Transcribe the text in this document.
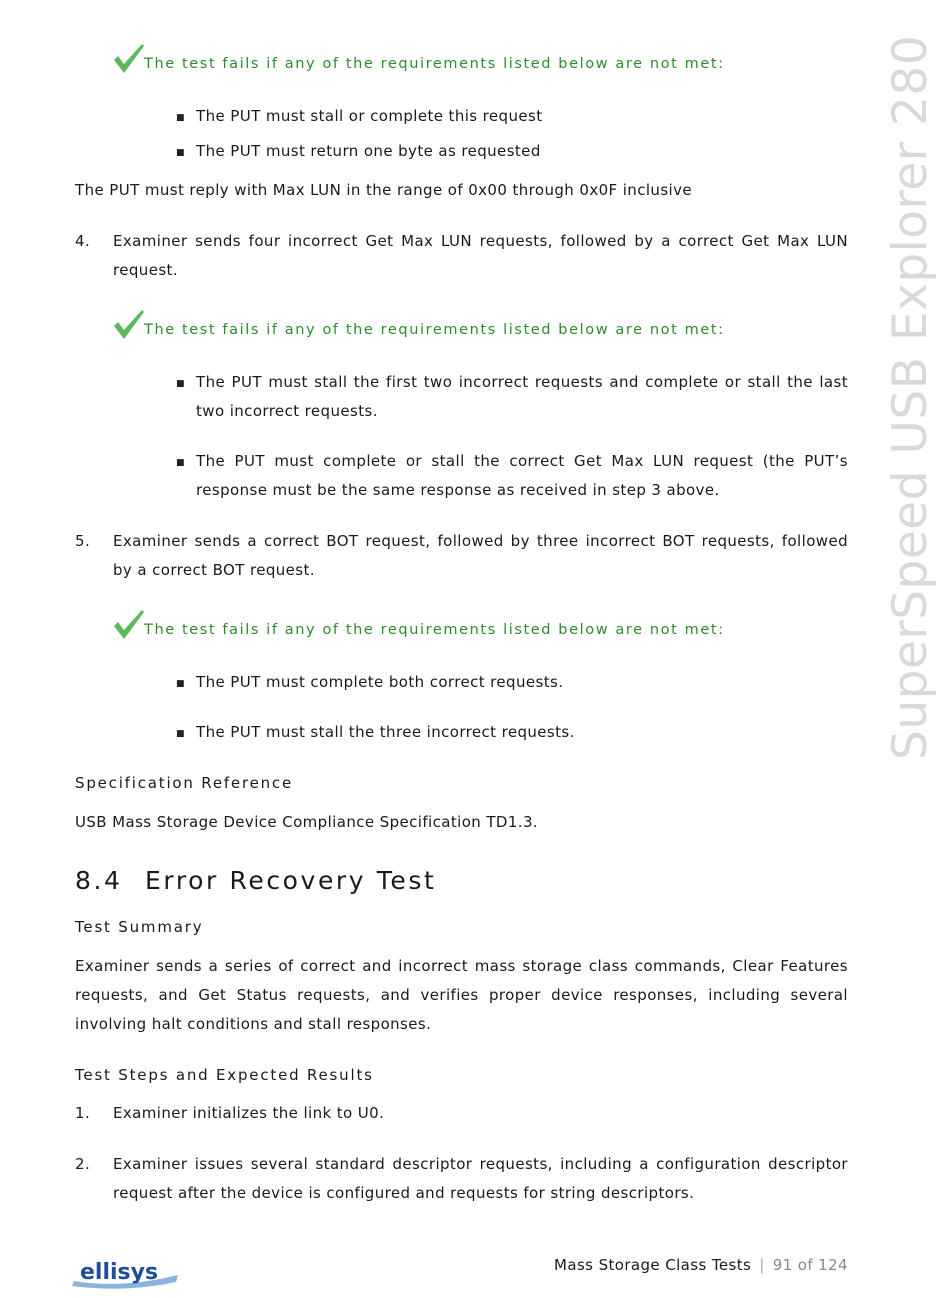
SuperSpeed USB Explorer 280
The test fails if any of the requirements listed below are not met:
■ The PUT must stall or complete this request
■ The PUT must return one byte as requested
The PUT must reply with Max LUN in the range of 0x00 through 0x0F inclusive
4. Examiner sends four incorrect Get Max LUN requests, followed by a correct Get Max LUN request.
The test fails if any of the requirements listed below are not met:
■ The PUT must stall the first two incorrect requests and complete or stall the last two incorrect requests.
■ The PUT must complete or stall the correct Get Max LUN request (the PUT’s response must be the same response as received in step 3 above.
5. Examiner sends a correct BOT request, followed by three incorrect BOT requests, followed by a correct BOT request.
The test fails if any of the requirements listed below are not met:
■ The PUT must complete both correct requests.
■ The PUT must stall the three incorrect requests.
Specification Reference
USB Mass Storage Device Compliance Specification TD1.3.
8.4 Error Recovery Test
Test Summary
Examiner sends a series of correct and incorrect mass storage class commands, Clear Features requests, and Get Status requests, and verifies proper device responses, including several involving halt conditions and stall responses.
Test Steps and Expected Results
1. Examiner initializes the link to U0.
2. Examiner issues several standard descriptor requests, including a configuration descriptor request after the device is configured and requests for string descriptors.
ellisys	Mass Storage Class Tests | 91 of 124
